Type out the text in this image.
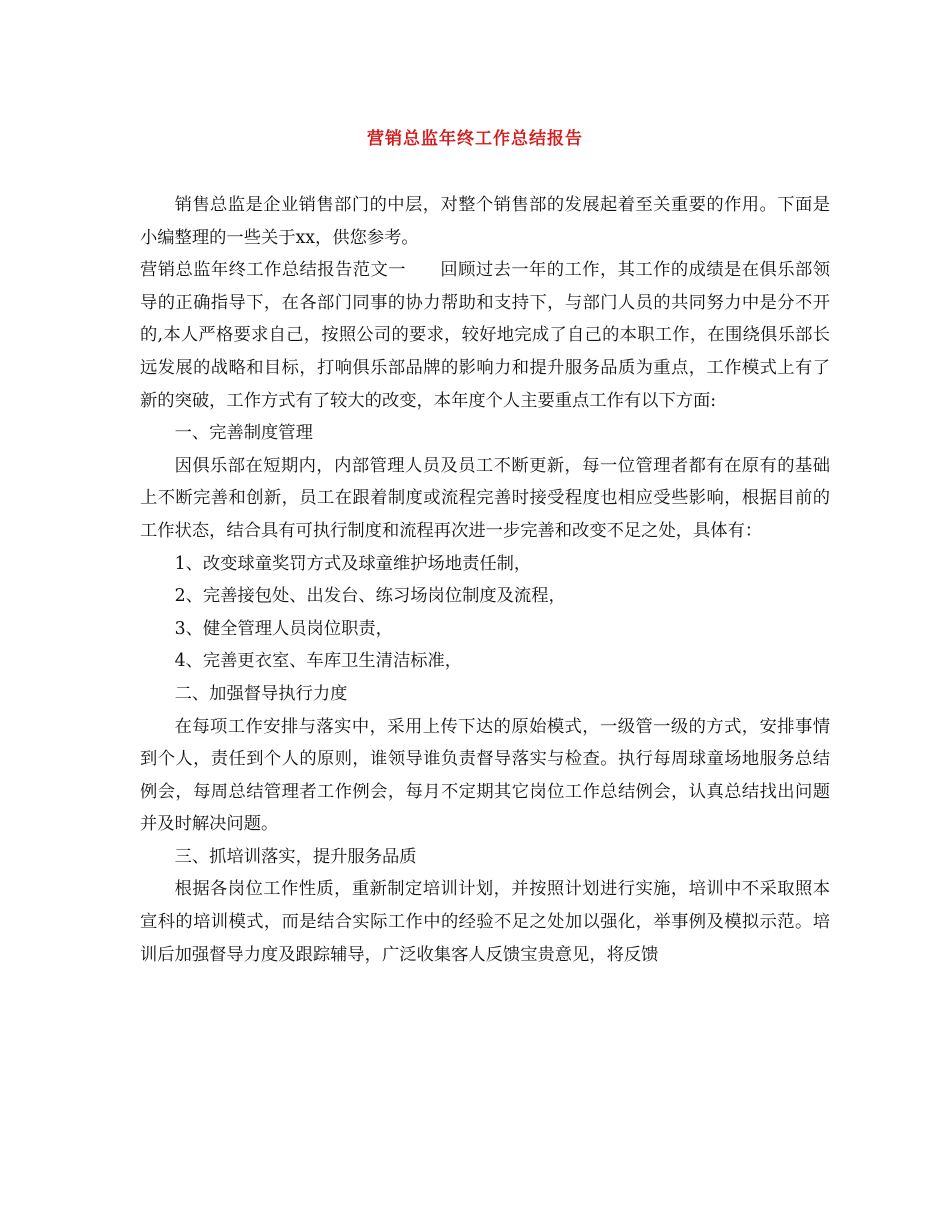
营销总监年终工作总结报告

销售总监是企业销售部门的中层，对整个销售部的发展起着至关重要的作用。下面是小编整理的一些关于xx，供您参考。

营销总监年终工作总结报告范文一 回顾过去一年的工作，其工作的成绩是在俱乐部领导的正确指导下，在各部门同事的协力帮助和支持下，与部门人员的共同努力中是分不开的,本人严格要求自己，按照公司的要求，较好地完成了自己的本职工作，在围绕俱乐部长远发展的战略和目标，打响俱乐部品牌的影响力和提升服务品质为重点，工作模式上有了新的突破，工作方式有了较大的改变，本年度个人主要重点工作有以下方面:

一、完善制度管理

因俱乐部在短期内，内部管理人员及员工不断更新，每一位管理者都有在原有的基础上不断完善和创新，员工在跟着制度或流程完善时接受程度也相应受些影响，根据目前的工作状态，结合具有可执行制度和流程再次进一步完善和改变不足之处，具体有：

1、改变球童奖罚方式及球童维护场地责任制，

2、完善接包处、出发台、练习场岗位制度及流程，

3、健全管理人员岗位职责，

4、完善更衣室、车库卫生清洁标准，

二、加强督导执行力度

在每项工作安排与落实中，采用上传下达的原始模式，一级管一级的方式，安排事情到个人，责任到个人的原则，谁领导谁负责督导落实与检查。执行每周球童场地服务总结例会，每周总结管理者工作例会，每月不定期其它岗位工作总结例会，认真总结找出问题并及时解决问题。

三、抓培训落实，提升服务品质

根据各岗位工作性质，重新制定培训计划，并按照计划进行实施，培训中不采取照本宣科的培训模式，而是结合实际工作中的经验不足之处加以强化，举事例及模拟示范。培训后加强督导力度及跟踪辅导，广泛收集客人反馈宝贵意见，将反馈
